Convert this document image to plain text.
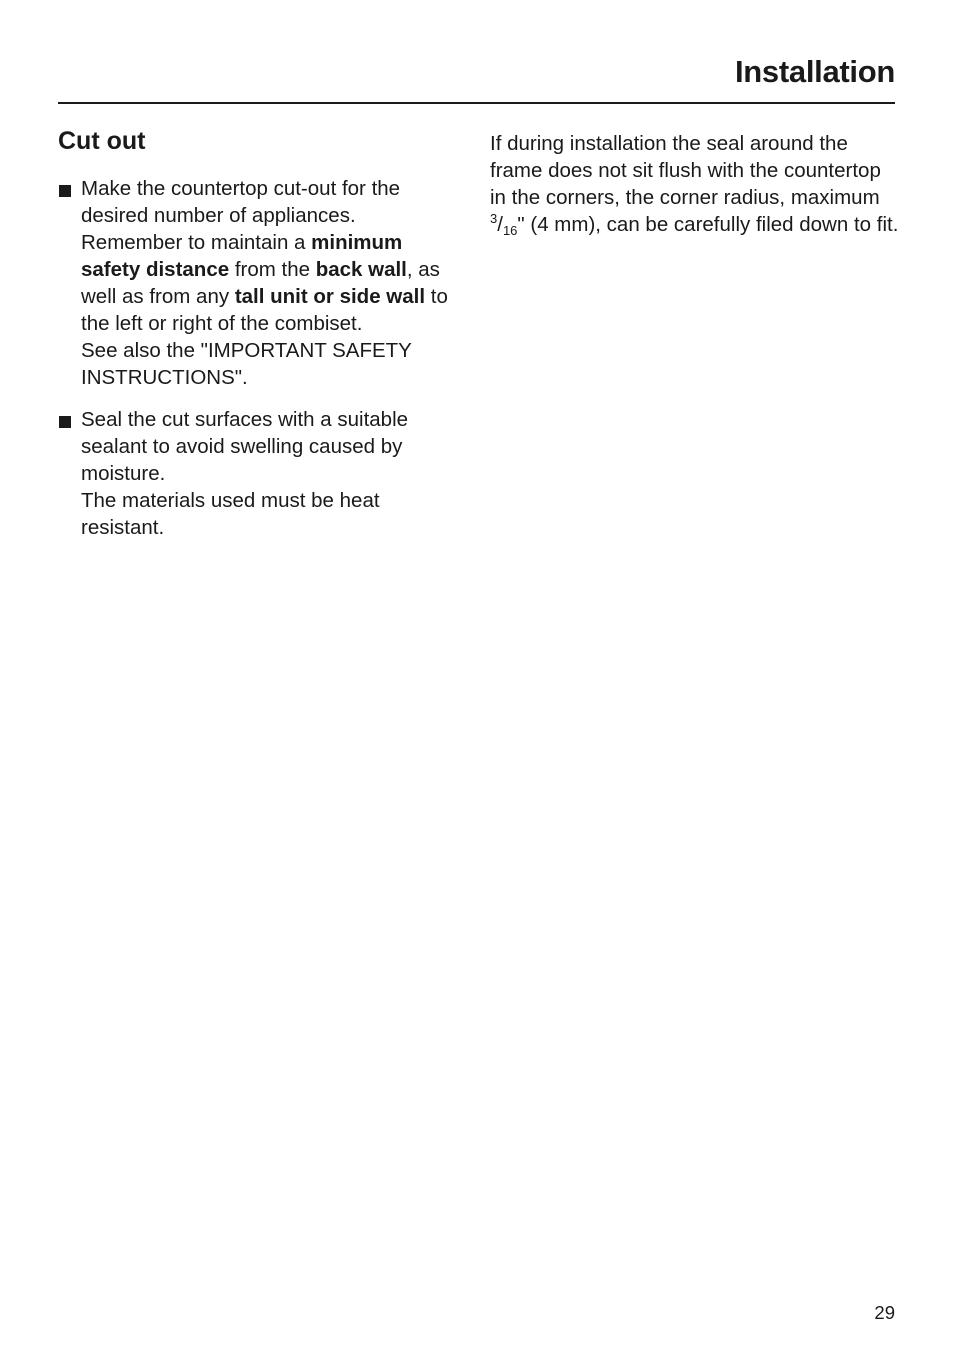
Installation
Cut out
Make the countertop cut-out for the desired number of appliances. Remember to maintain a minimum safety distance from the back wall, as well as from any tall unit or side wall to the left or right of the combiset.
See also the "IMPORTANT SAFETY INSTRUCTIONS".
Seal the cut surfaces with a suitable sealant to avoid swelling caused by moisture.
The materials used must be heat resistant.

If during installation the seal around the frame does not sit flush with the countertop in the corners, the corner radius, maximum $^3/_{16}$" (4 mm), can be carefully filed down to fit.

29
